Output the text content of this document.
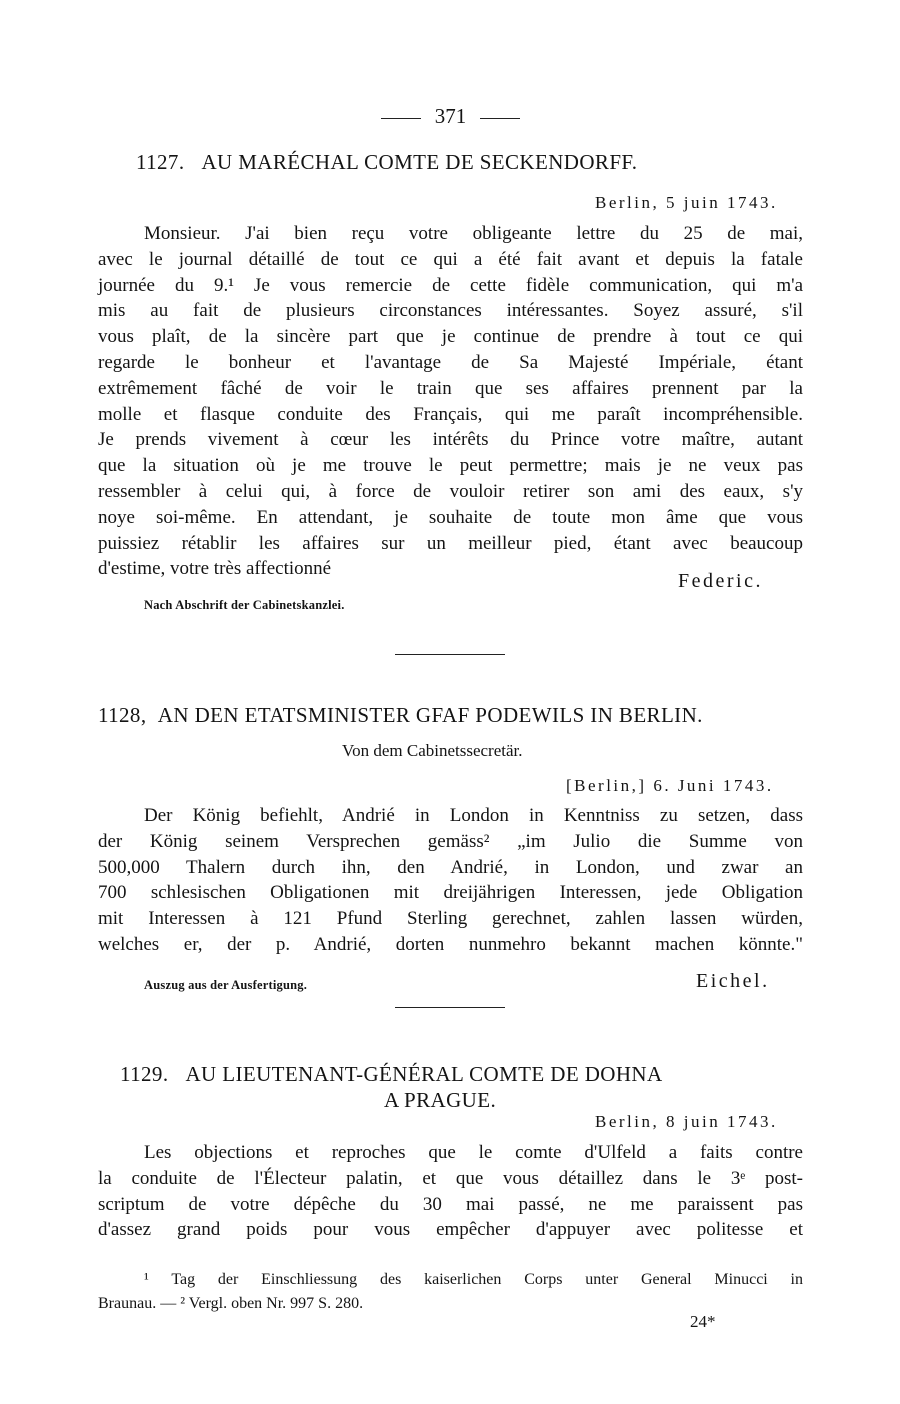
371
1127. AU MARÉCHAL COMTE DE SECKENDORFF.
Berlin, 5 juin 1743.
Monsieur. J'ai bien reçu votre obligeante lettre du 25 de mai,
avec le journal détaillé de tout ce qui a été fait avant et depuis la fatale
journée du 9.¹ Je vous remercie de cette fidèle communication, qui m'a
mis au fait de plusieurs circonstances intéressantes. Soyez assuré, s'il
vous plaît, de la sincère part que je continue de prendre à tout ce qui
regarde le bonheur et l'avantage de Sa Majesté Impériale, étant
extrêmement fâché de voir le train que ses affaires prennent par la
molle et flasque conduite des Français, qui me paraît incompréhensible.
Je prends vivement à cœur les intérêts du Prince votre maître, autant
que la situation où je me trouve le peut permettre; mais je ne veux pas
ressembler à celui qui, à force de vouloir retirer son ami des eaux, s'y
noye soi-même. En attendant, je souhaite de toute mon âme que vous
puissiez rétablir les affaires sur un meilleur pied, étant avec beaucoup
d'estime, votre très affectionné
Federic.
Nach Abschrift der Cabinetskanzlei.
1128, AN DEN ETATSMINISTER GFAF PODEWILS IN BERLIN.
Von dem Cabinetssecretär.
[Berlin,] 6. Juni 1743.
Der König befiehlt, Andrié in London in Kenntniss zu setzen, dass
der König seinem Versprechen gemäss² „im Julio die Summe von
500,000 Thalern durch ihn, den Andrié, in London, und zwar an
700 schlesischen Obligationen mit dreijährigen Interessen, jede Obligation
mit Interessen à 121 Pfund Sterling gerechnet, zahlen lassen würden,
welches er, der p. Andrié, dorten nunmehro bekannt machen könnte."
Auszug aus der Ausfertigung.	Eichel.
1129. AU LIEUTENANT-GÉNÉRAL COMTE DE DOHNA
A PRAGUE.
Berlin, 8 juin 1743.
Les objections et reproches que le comte d'Ulfeld a faits contre
la conduite de l'Électeur palatin, et que vous détaillez dans le 3ᵉ post-
scriptum de votre dépêche du 30 mai passé, ne me paraissent pas
d'assez grand poids pour vous empêcher d'appuyer avec politesse et
¹ Tag der Einschliessung des kaiserlichen Corps unter General Minucci in
Braunau. — ² Vergl. oben Nr. 997 S. 280.
24*
